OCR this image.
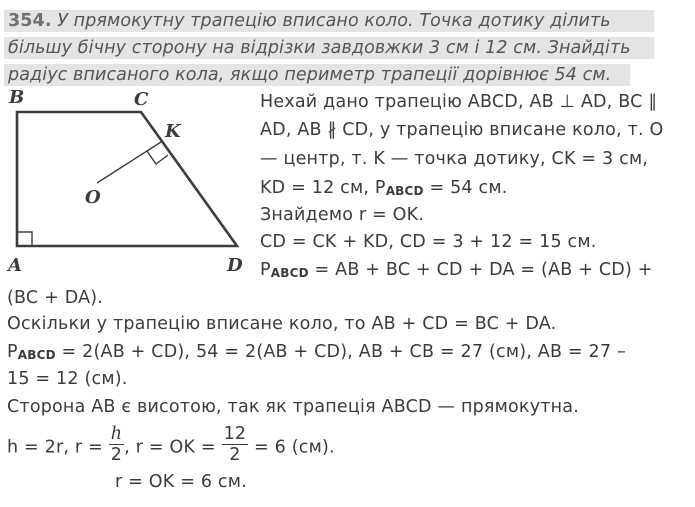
354. У прямокутну трапецію вписано коло. Точка дотику ділить
більшу бічну сторону на відрізки завдовжки 3 см і 12 см. Знайдіть
радіус вписаного кола, якщо периметр трапеції дорівнює 54 см.
B	C
K
O
A	D
Нехай дано трапецію ABCD, AB ⊥ AD, BC ∥
AD, AB ∦ CD, у трапецію вписане коло, т. O
— центр, т. K — точка дотику, CK = 3 см,
KD = 12 см, PABCD = 54 см.
Знайдемо r = OK.
CD = CK + KD, CD = 3 + 12 = 15 см.
PABCD = AB + BC + CD + DA = (AB + CD) +
(BC + DA).
Оскільки у трапецію вписане коло, то AB + CD = BC + DA.
PABCD = 2(AB + CD), 54 = 2(AB + CD), AB + CB = 27 (см), AB = 27 –
15 = 12 (см).
Сторона AB є висотою, так як трапеція ABCD — прямокутна.
h = 2r, $r = \frac{h}{2}$ , r = OK = $\frac{12}{2} = 6$ (см).
r = OK = 6 см.
